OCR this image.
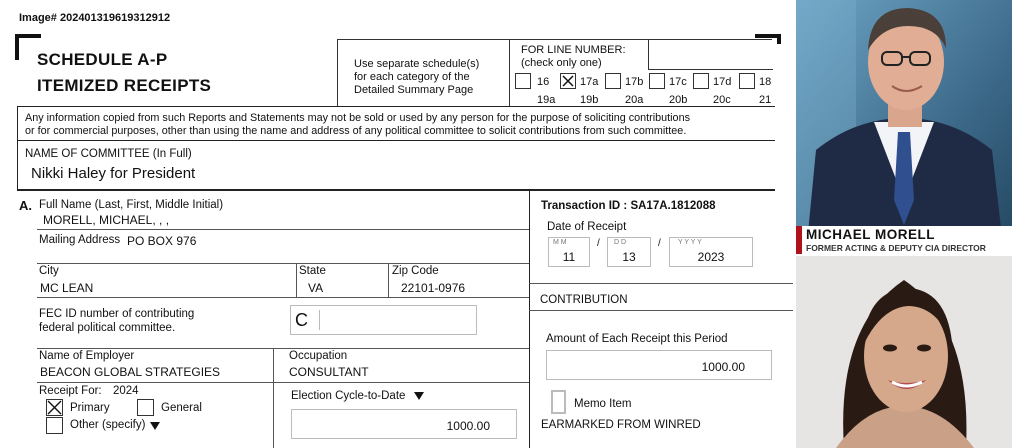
Image# 202401319619312912
SCHEDULE A-P
ITEMIZED RECEIPTS
Use separate schedule(s)
for each category of the
Detailed Summary Page
FOR LINE NUMBER:
(check only one)
16
19a
17a
19b
17b
20a
17c
20b
17d
20c
18
21
Any information copied from such Reports and Statements may not be sold or used by any person for the purpose of soliciting contributions
or for commercial purposes, other than using the name and address of any political committee to solicit contributions from such committee.
NAME OF COMMITTEE (In Full)
Nikki Haley for President
A. Full Name (Last, First, Middle Initial)
MORELL, MICHAEL, , ,
Mailing Address PO BOX 976
City
MC LEAN
State
VA
Zip Code
22101-0976
FEC ID number of contributing
federal political committee.	C
Name of Employer
BEACON GLOBAL STRATEGIES
Occupation
CONSULTANT
Receipt For: 2024
Primary	General
Other (specify)
Election Cycle-to-Date
1000.00
Transaction ID : SA17A.1812088
Date of Receipt
M M
11
/ D D
13
/ Y Y Y Y
2023
CONTRIBUTION
Amount of Each Receipt this Period
1000.00
Memo Item
EARMARKED FROM WINRED
MICHAEL MORELL
FORMER ACTING & DEPUTY CIA DIRECTOR
